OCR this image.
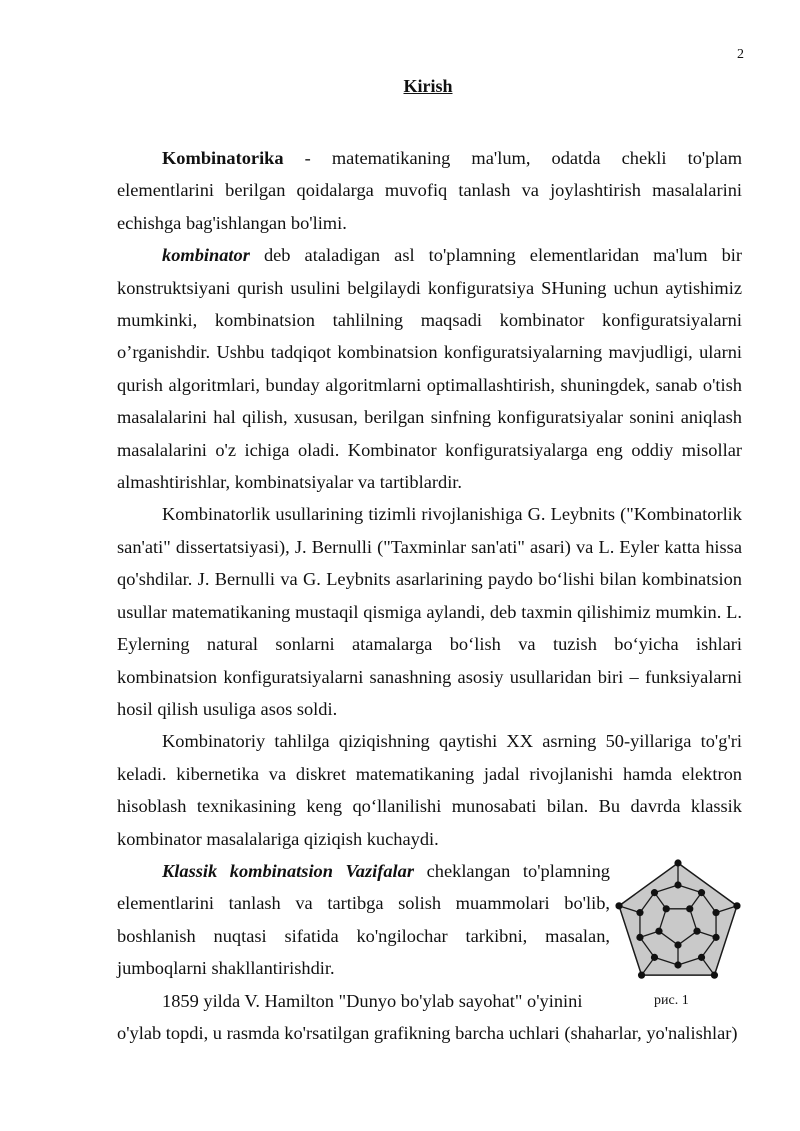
2
Kirish

Kombinatorika - matematikaning ma'lum, odatda chekli to'plam elementlarini berilgan qoidalarga muvofiq tanlash va joylashtirish masalalarini echishga bag'ishlangan bo'limi.

kombinator deb ataladigan asl to'plamning elementlaridan ma'lum bir konstruktsiyani qurish usulini belgilaydi konfiguratsiya SHuning uchun aytishimiz mumkinki, kombinatsion tahlilning maqsadi kombinator konfiguratsiyalarni o’rganishdir. Ushbu tadqiqot kombinatsion konfiguratsiyalarning mavjudligi, ularni qurish algoritmlari, bunday algoritmlarni optimallashtirish, shuningdek, sanab o'tish masalalarini hal qilish, xususan, berilgan sinfning konfiguratsiyalar sonini aniqlash masalalarini o'z ichiga oladi. Kombinator konfiguratsiyalarga eng oddiy misollar almashtirishlar, kombinatsiyalar va tartiblardir.

Kombinatorlik usullarining tizimli rivojlanishiga G. Leybnits ("Kombinatorlik san'ati" dissertatsiyasi), J. Bernulli ("Taxminlar san'ati" asari) va L. Eyler katta hissa qo'shdilar. J. Bernulli va G. Leybnits asarlarining paydo bo‘lishi bilan kombinatsion usullar matematikaning mustaqil qismiga aylandi, deb taxmin qilishimiz mumkin. L. Eylerning natural sonlarni atamalarga bo‘lish va tuzish bo‘yicha ishlari kombinatsion konfiguratsiyalarni sanashning asosiy usullaridan biri – funksiyalarni hosil qilish usuliga asos soldi.

Kombinatoriy tahlilga qiziqishning qaytishi XX asrning 50-yillariga to'g'ri keladi. kibernetika va diskret matematikaning jadal rivojlanishi hamda elektron hisoblash texnikasining keng qo‘llanilishi munosabati bilan. Bu davrda klassik kombinator masalalariga qiziqish kuchaydi.

рис. 1

Klassik kombinatsion Vazifalar cheklangan to'plamning elementlarini tanlash va tartibga solish muammolari bo'lib, boshlanish nuqtasi sifatida ko'ngilochar tarkibni, masalan, jumboqlarni shakllantirishdir.

1859 yilda V. Hamilton "Dunyo bo'ylab sayohat" o'yinini

o'ylab topdi, u rasmda ko'rsatilgan grafikning barcha uchlari (shaharlar, yo'nalishlar)
